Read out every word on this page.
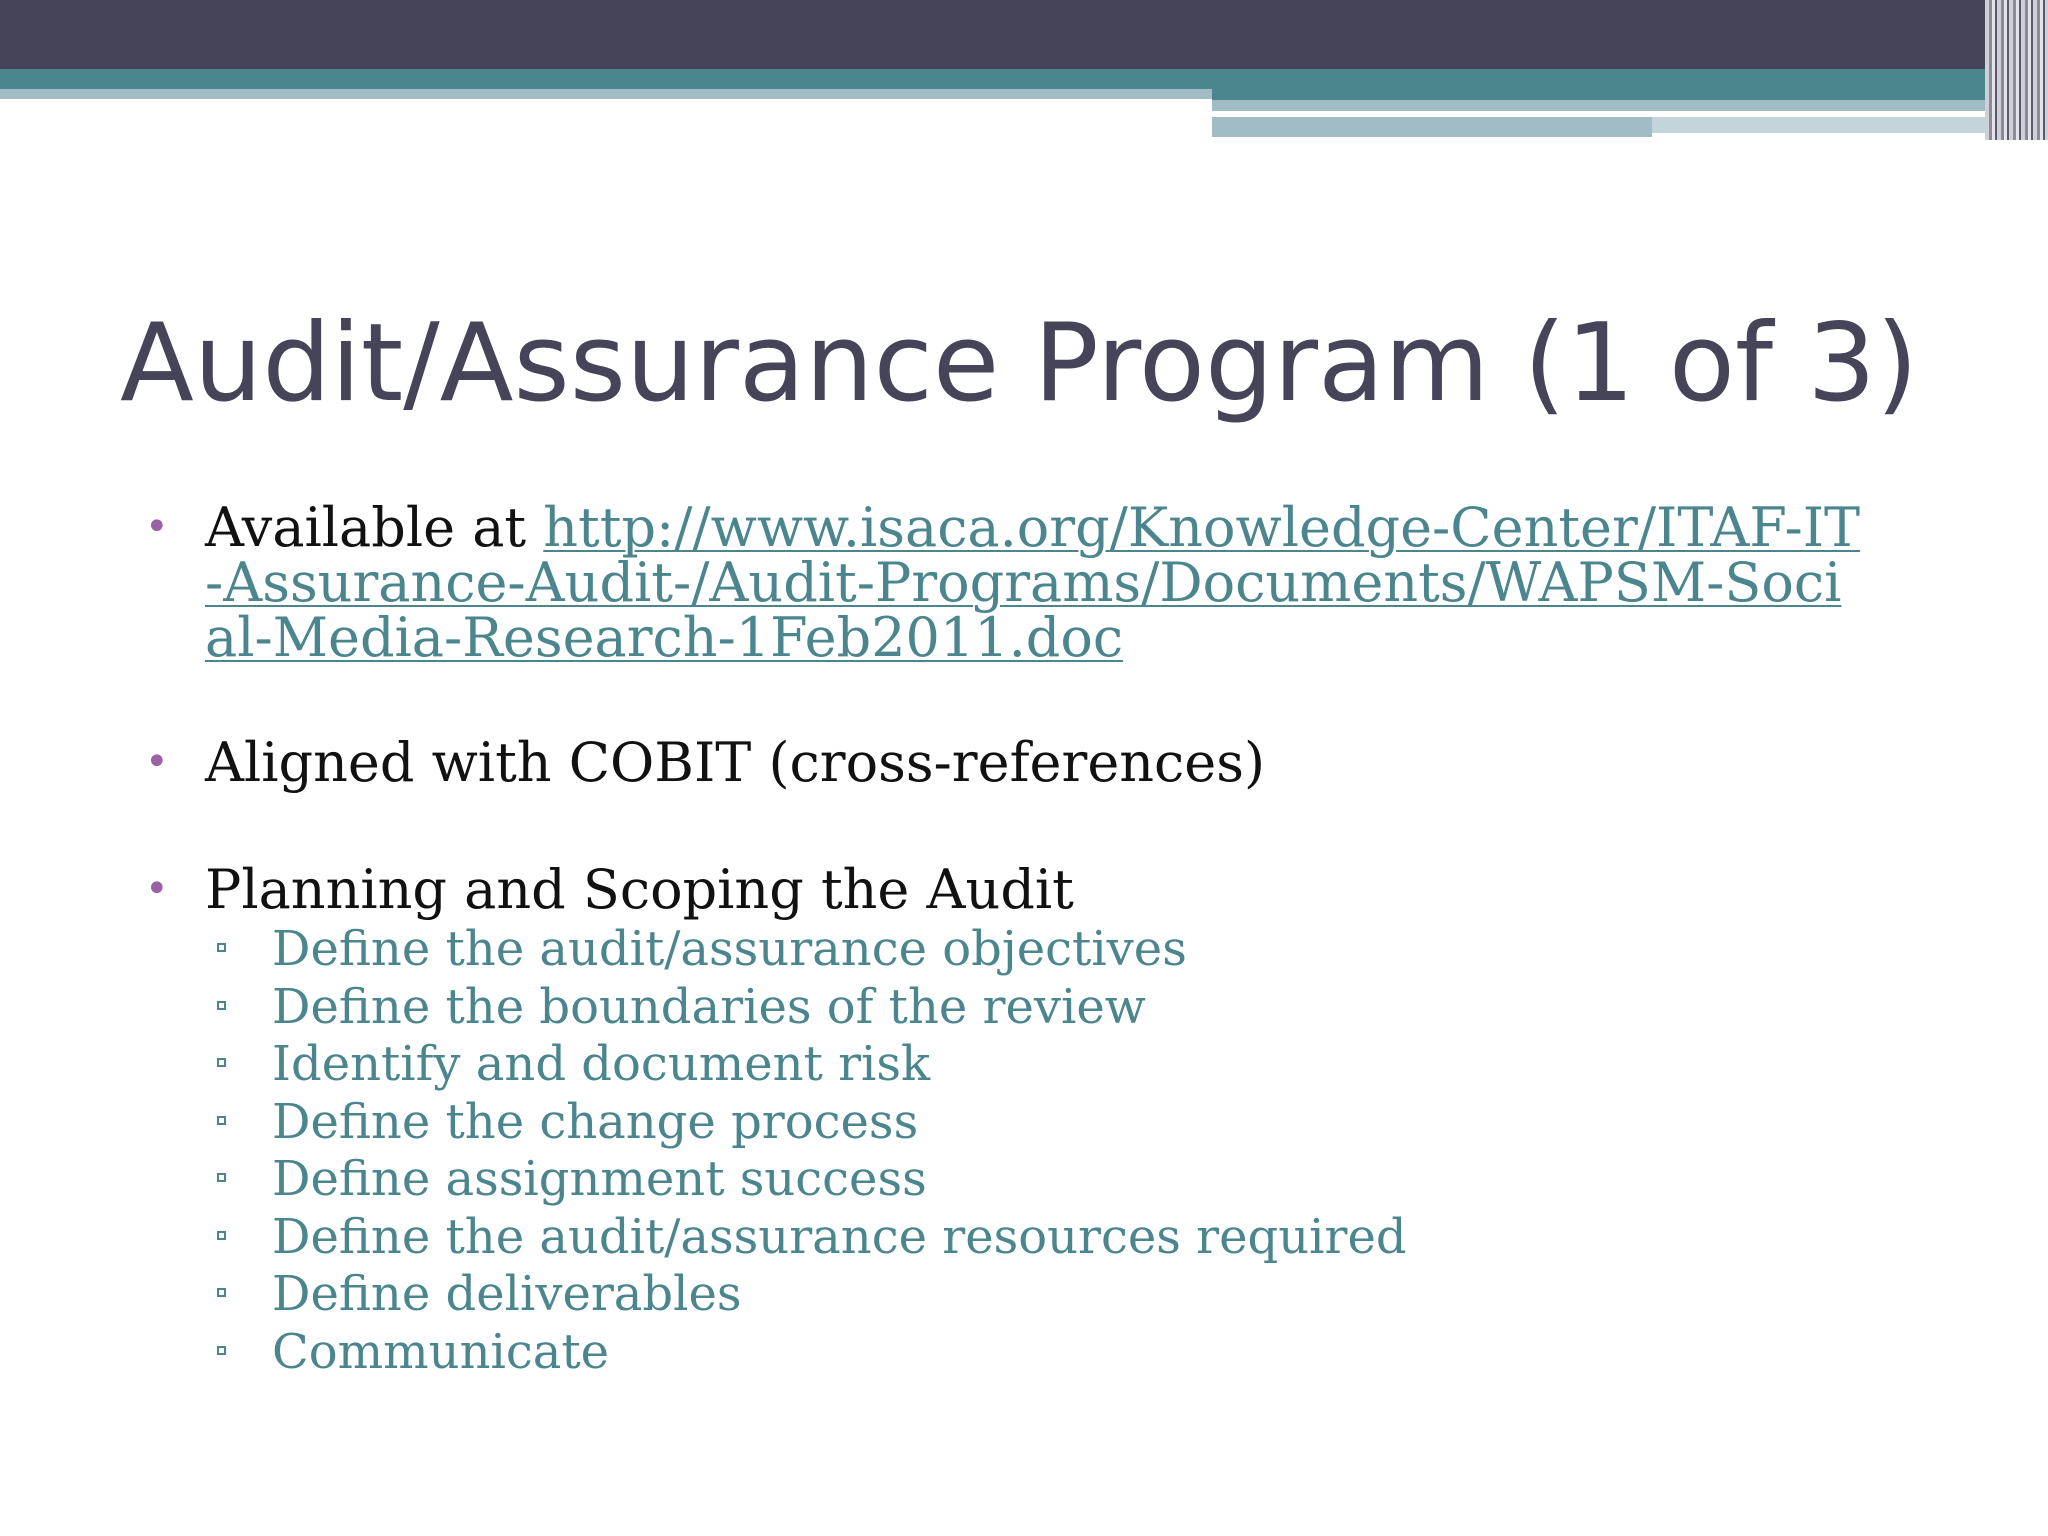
Audit/Assurance Program (1 of 3)
• Available at http://www.isaca.org/Knowledge-Center/ITAF-IT-Assurance-Audit-/Audit-Programs/Documents/WAPSM-Social-Media-Research-1Feb2011.doc
• Aligned with COBIT (cross-references)
• Planning and Scoping the Audit
Define the audit/assurance objectives
Define the boundaries of the review
Identify and document risk
Define the change process
Define assignment success
Define the audit/assurance resources required
Define deliverables
Communicate
